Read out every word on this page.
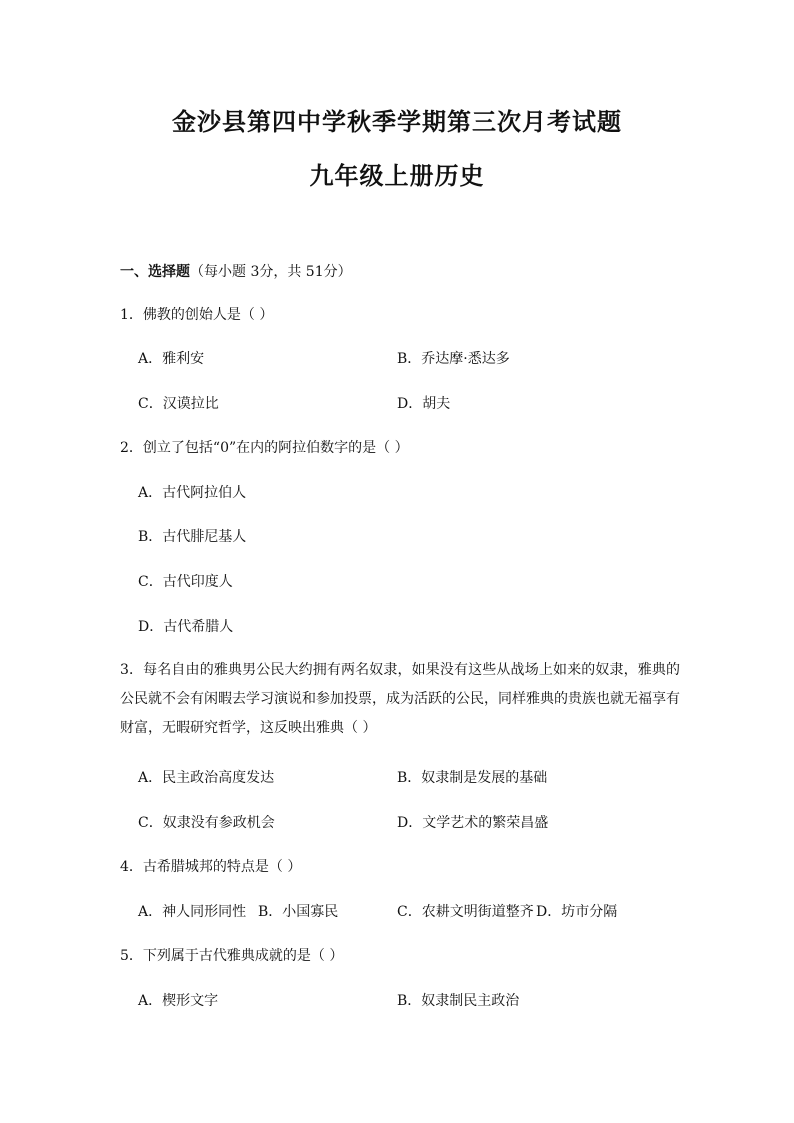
金沙县第四中学秋季学期第三次月考试题
九年级上册历史
一、选择题（每小题 3分，共 51分）
1．佛教的创始人是（ ）
A．雅利安	B．乔达摩·悉达多
C．汉谟拉比	D．胡夫
2．创立了包括“0”在内的阿拉伯数字的是（ ）
A．古代阿拉伯人
B．古代腓尼基人
C．古代印度人
D．古代希腊人
3．每名自由的雅典男公民大约拥有两名奴隶，如果没有这些从战场上如来的奴隶，雅典的公民就不会有闲暇去学习演说和参加投票，成为活跃的公民，同样雅典的贵族也就无福享有财富，无暇研究哲学，这反映出雅典（ ）
A．民主政治高度发达	B．奴隶制是发展的基础
C．奴隶没有参政机会	D．文学艺术的繁荣昌盛
4．古希腊城邦的特点是（ ）
A．神人同形同性 B．小国寡民	C．农耕文明街道整齐 D．坊市分隔
5．下列属于古代雅典成就的是（ ）
A．楔形文字	B．奴隶制民主政治
